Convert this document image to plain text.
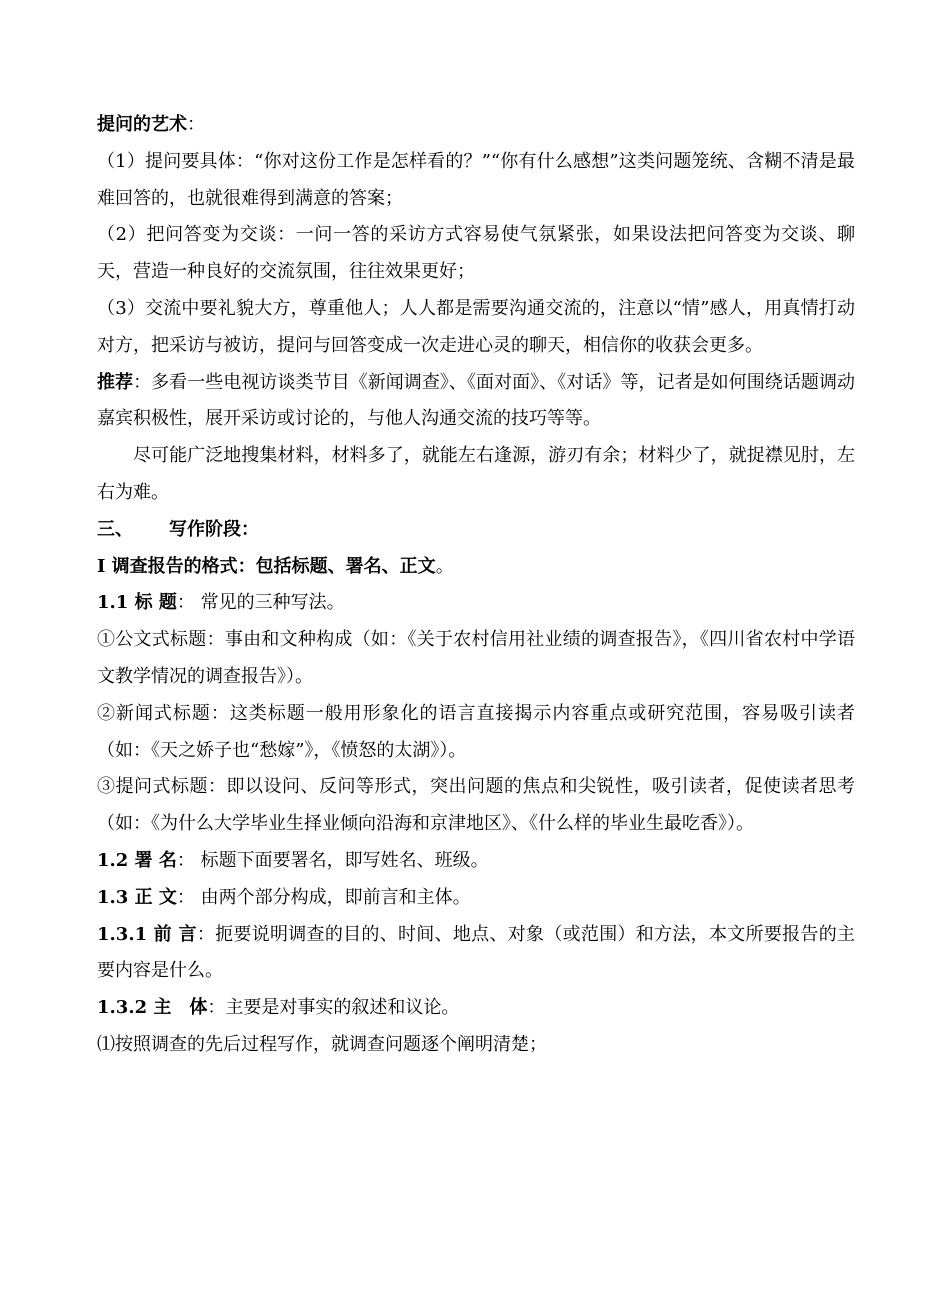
提问的艺术：

（1）提问要具体：“你对这份工作是怎样看的？”“你有什么感想”这类问题笼统、含糊不清是最难回答的，也就很难得到满意的答案；

（2）把问答变为交谈：一问一答的采访方式容易使气氛紧张，如果设法把问答变为交谈、聊天，营造一种良好的交流氛围，往往效果更好；

（3）交流中要礼貌大方，尊重他人；人人都是需要沟通交流的，注意以“情”感人，用真情打动对方，把采访与被访，提问与回答变成一次走进心灵的聊天，相信你的收获会更多。

推荐：多看一些电视访谈类节目《新闻调查》、《面对面》、《对话》等，记者是如何围绕话题调动嘉宾积极性，展开采访或讨论的，与他人沟通交流的技巧等等。

尽可能广泛地搜集材料，材料多了，就能左右逢源，游刃有余；材料少了，就捉襟见肘，左右为难。

三、 写作阶段：

Ⅰ 调查报告的格式：包括标题、署名、正文。

1.1 标 题： 常见的三种写法。

①公文式标题：事由和文种构成（如：《关于农村信用社业绩的调查报告》，《四川省农村中学语文教学情况的调查报告》）。

②新闻式标题：这类标题一般用形象化的语言直接揭示内容重点或研究范围，容易吸引读者（如：《天之娇子也“愁嫁”》，《愤怒的太湖》）。

③提问式标题：即以设问、反问等形式，突出问题的焦点和尖锐性，吸引读者，促使读者思考（如：《为什么大学毕业生择业倾向沿海和京津地区》、《什么样的毕业生最吃香》）。

1.2 署 名： 标题下面要署名，即写姓名、班级。

1.3 正 文： 由两个部分构成，即前言和主体。

1.3.1 前 言：扼要说明调查的目的、时间、地点、对象（或范围）和方法，本文所要报告的主要内容是什么。

1.3.2 主　体：主要是对事实的叙述和议论。

⑴按照调查的先后过程写作，就调查问题逐个阐明清楚；
